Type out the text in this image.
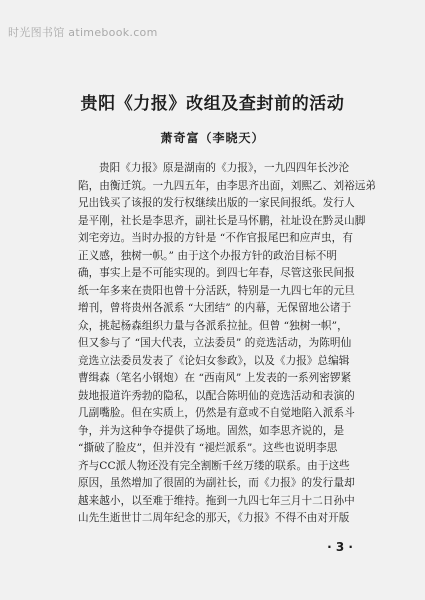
时光图书馆 atimebook.com
贵阳《力报》改组及查封前的活动
萧奇富（李晓天）
贵阳《力报》原是湖南的《力报》，一九四四年长沙沦
陷，由衡迁筑。一九四五年，由李思齐出面，刘熙乙、刘裕远弟
兄出钱买了该报的发行权继续出版的一家民间报纸。发行人
是平刚，社长是李思齐，副社长是马怀鹏，社址设在黔灵山脚
刘宅旁边。当时办报的方针是 “不作官报尾巴和应声虫，有
正义感，独树一帜。” 由于这个办报方针的政治目标不明
确，事实上是不可能实现的。到四七年春，尽管这张民间报
纸一年多来在贵阳也曾十分活跃，特别是一九四七年的元旦
增刊，曾将贵州各派系 “大团结” 的内幕，无保留地公诸于
众，挑起杨森组织力量与各派系拉扯。但曾 “独树一帜”，
但又参与了 “国大代表，立法委员” 的竞选活动，为陈明仙
竞选立法委员发表了《论妇女参政》，以及《力报》总编辑
曹缉森（笔名小钢炮）在 “西南风” 上发表的一系列密锣紧
鼓地报道许秀勃的隐私，以配合陈明仙的竞选活动和表演的
几副嘴脸。但在实质上，仍然是有意或不自觉地陷入派系斗
争，并为这种争夺提供了场地。固然，如李思齐说的，是
“撕破了脸皮”，但并没有 “褪烂派系”。这些也说明李思
齐与CC派人物还没有完全割断千丝万缕的联系。由于这些
原因，虽然增加了很固的为副社长，而《力报》的发行量却
越来越小，以至难于维持。拖到一九四七年三月十二日孙中
山先生逝世廿二周年纪念的那天，《力报》不得不由对开版
· 3 ·
